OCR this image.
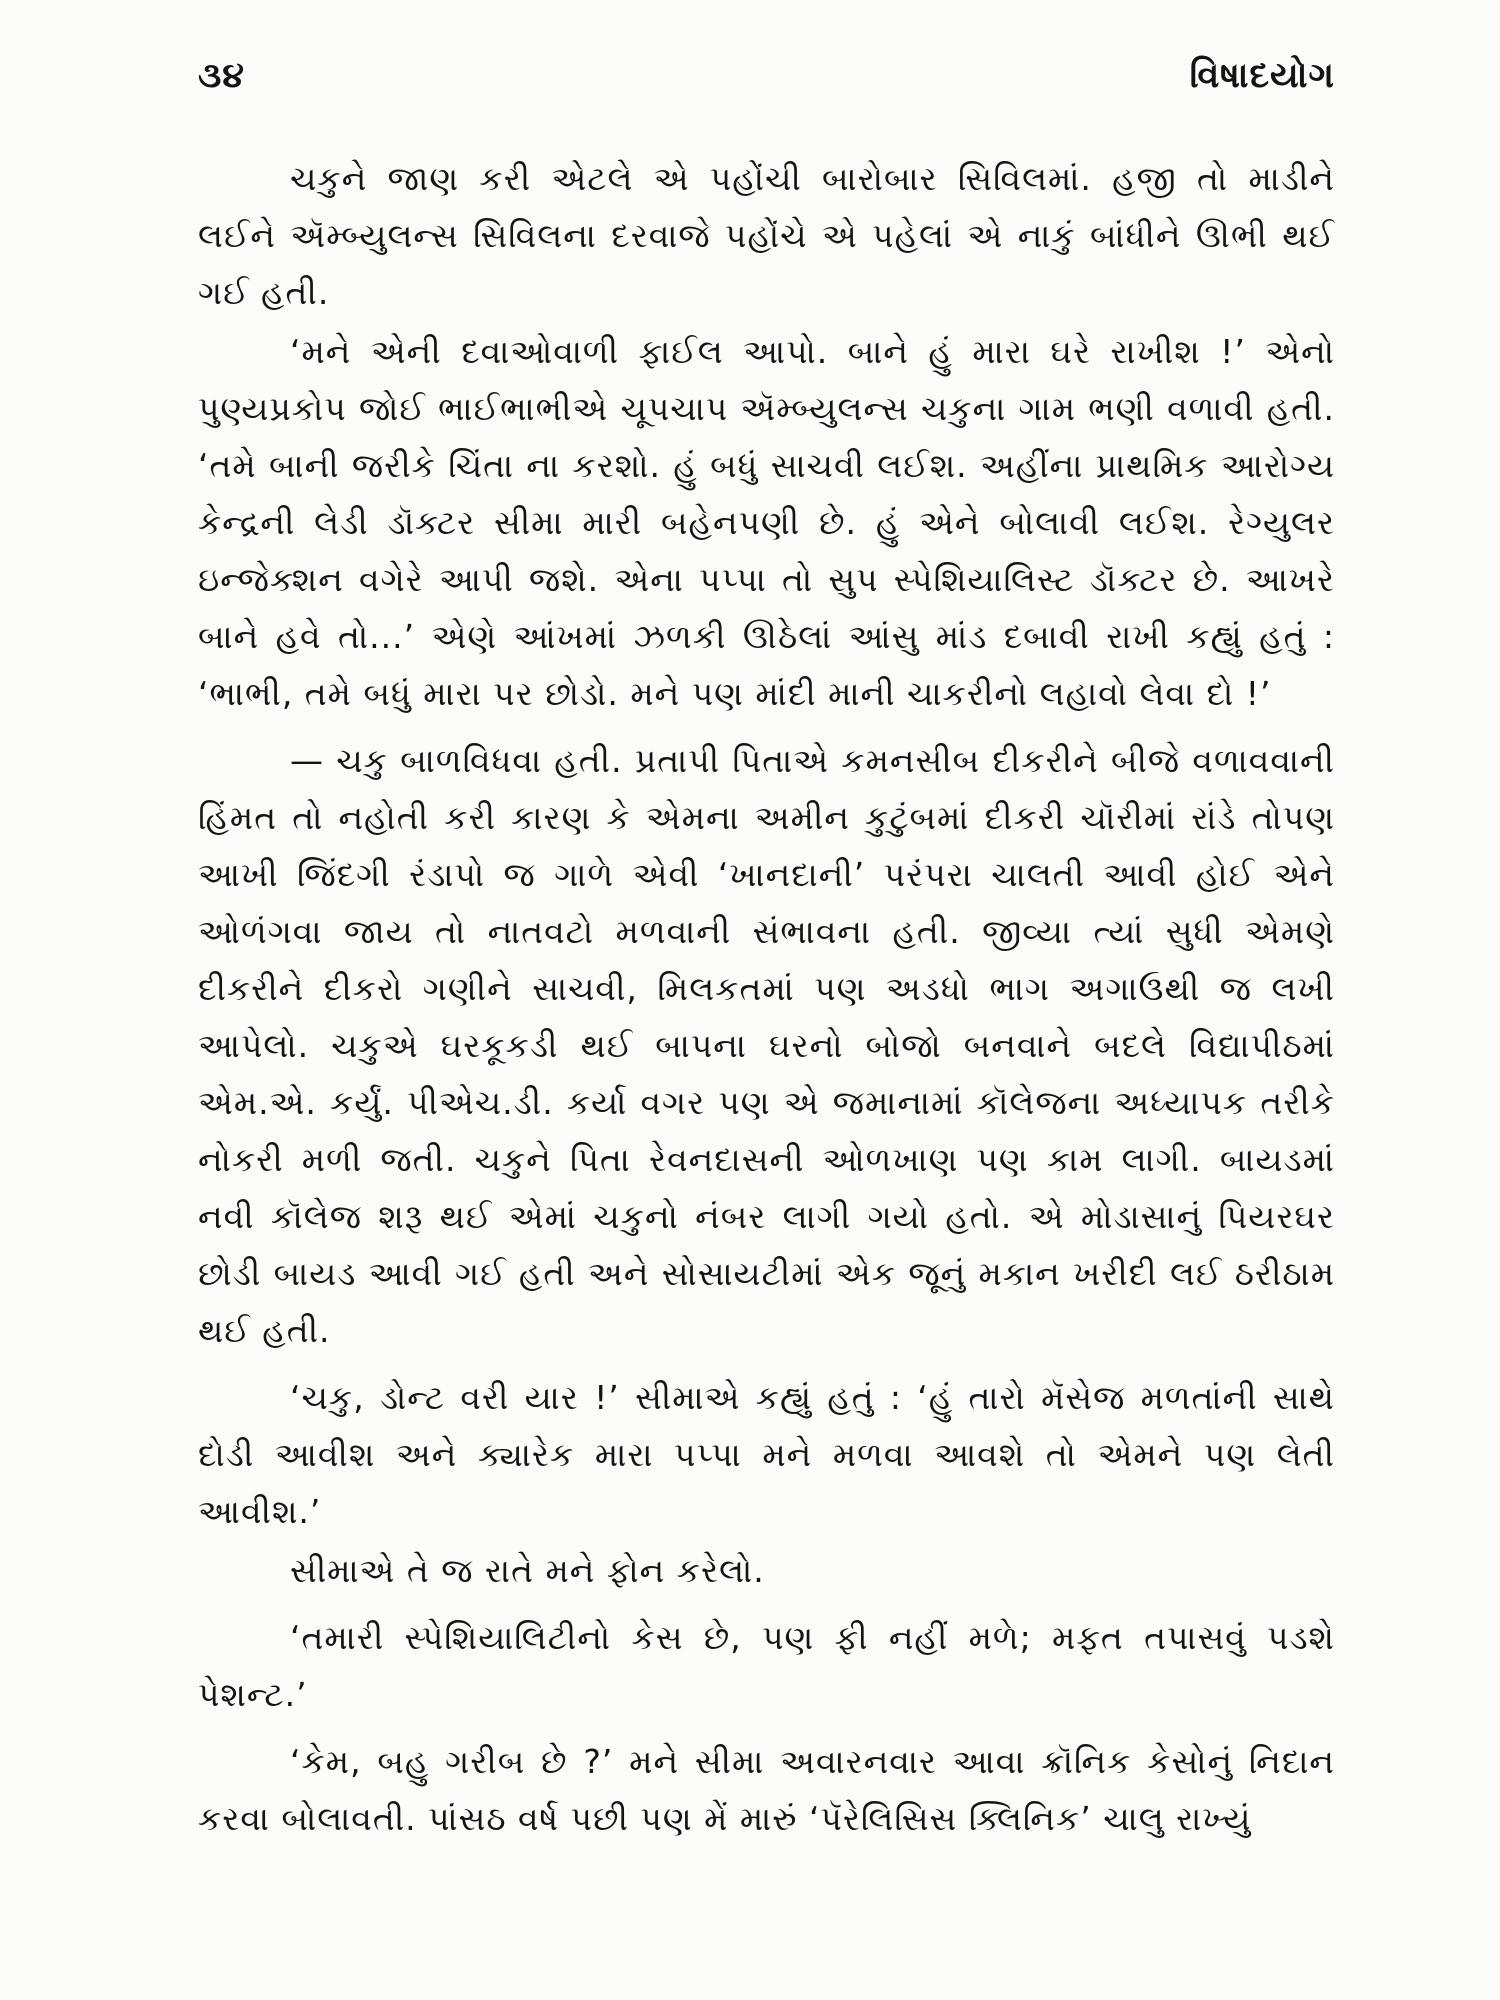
૩૪	વિષાદયોગ

ચકુને જાણ કરી એટલે એ પહોંચી બારોબાર સિવિલમાં. હજી તો માડીને લઈને ઍમ્બ્યુલન્સ સિવિલના દરવાજે પહોંચે એ પહેલાં એ નાકું બાંધીને ઊભી થઈ ગઈ હતી.

‘મને એની દવાઓવાળી ફાઈલ આપો. બાને હું મારા ઘરે રાખીશ !’ એનો પુણ્યપ્રકોપ જોઈ ભાઈભાભીએ ચૂપચાપ ઍમ્બ્યુલન્સ ચકુના ગામ ભણી વળાવી હતી. ‘તમે બાની જરીકે ચિંતા ના કરશો. હું બધું સાચવી લઈશ. અહીંના પ્રાથમિક આરોગ્ય કેન્દ્રની લેડી ડૉક્ટર સીમા મારી બહેનપણી છે. હું એને બોલાવી લઈશ. રેગ્યુલર ઇન્જેક્શન વગેરે આપી જશે. એના પપ્પા તો સુપ સ્પેશિયાલિસ્ટ ડૉક્ટર છે. આખરે બાને હવે તો...’ એણે આંખમાં ઝળકી ઊઠેલાં આંસુ માંડ દબાવી રાખી કહ્યું હતું : ‘ભાભી, તમે બધું મારા પર છોડો. મને પણ માંદી માની ચાકરીનો લહાવો લેવા દો !’

— ચકુ બાળવિધવા હતી. પ્રતાપી પિતાએ કમનસીબ દીકરીને બીજે વળાવવાની હિંમત તો નહોતી કરી કારણ કે એમના અમીન કુટુંબમાં દીકરી ચૉરીમાં રાંડે તોપણ આખી જિંદગી રંડાપો જ ગાળે એવી ‘ખાનદાની’ પરંપરા ચાલતી આવી હોઈ એને ઓળંગવા જાય તો નાતવટો મળવાની સંભાવના હતી. જીવ્યા ત્યાં સુધી એમણે દીકરીને દીકરો ગણીને સાચવી, મિલકતમાં પણ અડધો ભાગ અગાઉથી જ લખી આપેલો. ચકુએ ઘરકૂકડી થઈ બાપના ઘરનો બોજો બનવાને બદલે વિદ્યાપીઠમાં એમ.એ. કર્યું. પીએચ.ડી. કર્યા વગર પણ એ જમાનામાં કૉલેજના અધ્યાપક તરીકે નોકરી મળી જતી. ચકુને પિતા રેવનદાસની ઓળખાણ પણ કામ લાગી. બાયડમાં નવી કૉલેજ શરૂ થઈ એમાં ચકુનો નંબર લાગી ગયો હતો. એ મોડાસાનું પિયરઘર છોડી બાયડ આવી ગઈ હતી અને સોસાયટીમાં એક જૂનું મકાન ખરીદી લઈ ઠરીઠામ થઈ હતી.

‘ચકુ, ડોન્ટ વરી યાર !’ સીમાએ કહ્યું હતું : ‘હું તારો મૅસેજ મળતાંની સાથે દોડી આવીશ અને ક્યારેક મારા પપ્પા મને મળવા આવશે તો એમને પણ લેતી આવીશ.’

સીમાએ તે જ રાતે મને ફોન કરેલો.

‘તમારી સ્પેશિયાલિટીનો કેસ છે, પણ ફી નહીં મળે; મફત તપાસવું પડશે પેશન્ટ.’

‘કેમ, બહુ ગરીબ છે ?’ મને સીમા અવારનવાર આવા ક્રૉનિક કેસોનું નિદાન કરવા બોલાવતી. પાંસઠ વર્ષ પછી પણ મેં મારું ‘પૅરેલિસિસ ક્લિનિક’ ચાલુ રાખ્યું
